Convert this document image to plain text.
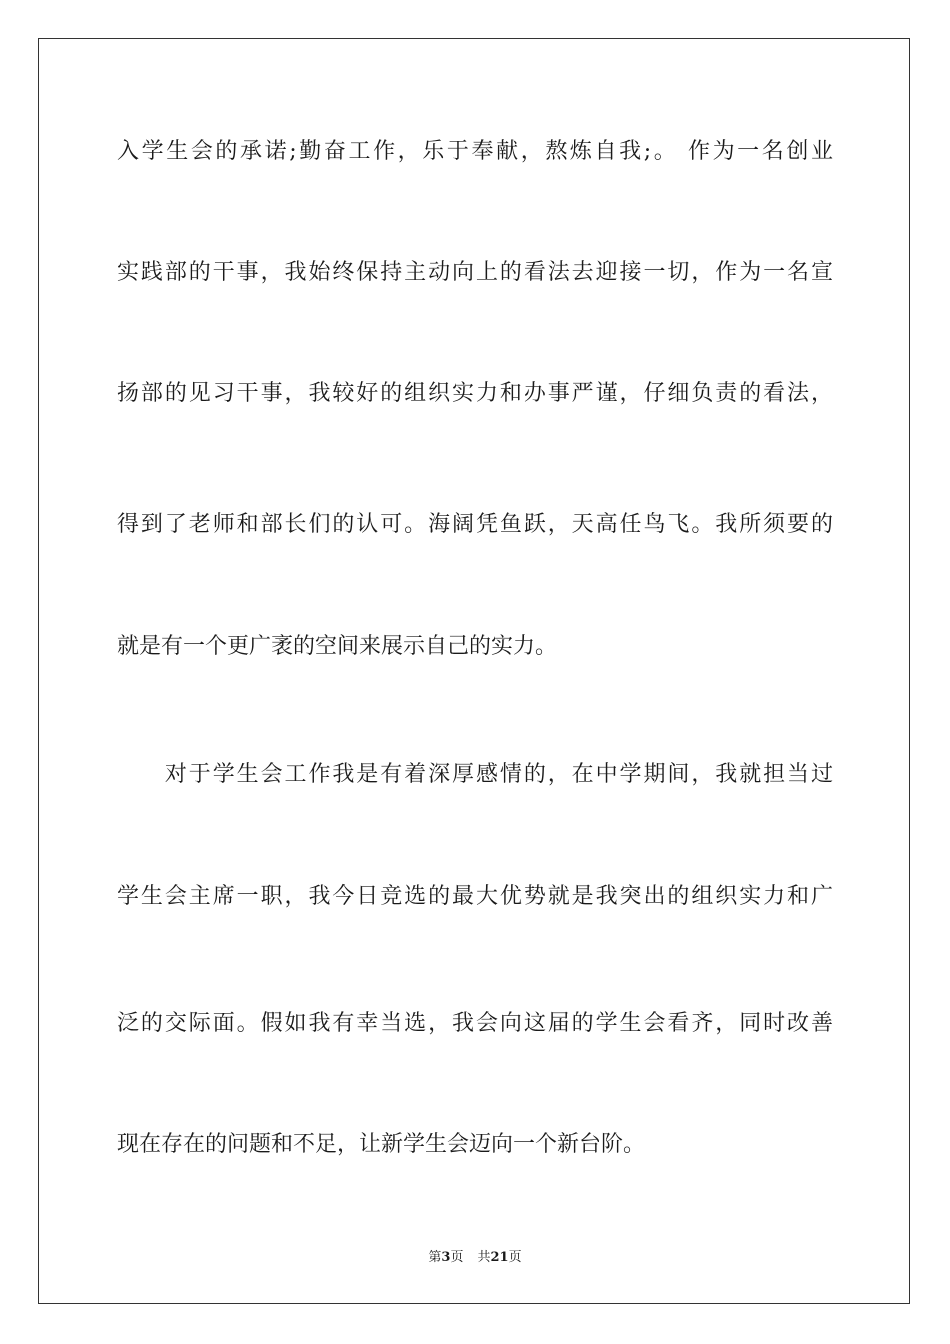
入学生会的承诺;勤奋工作，乐于奉献，熬炼自我;。 作为一名创业
实践部的干事，我始终保持主动向上的看法去迎接一切，作为一名宣
扬部的见习干事，我较好的组织实力和办事严谨，仔细负责的看法，
得到了老师和部长们的认可。海阔凭鱼跃，天高任鸟飞。我所须要的
就是有一个更广袤的空间来展示自己的实力。
　　对于学生会工作我是有着深厚感情的，在中学期间，我就担当过
学生会主席一职，我今日竞选的最大优势就是我突出的组织实力和广
泛的交际面。假如我有幸当选，我会向这届的学生会看齐，同时改善
现在存在的问题和不足，让新学生会迈向一个新台阶。
第3页 共21页
